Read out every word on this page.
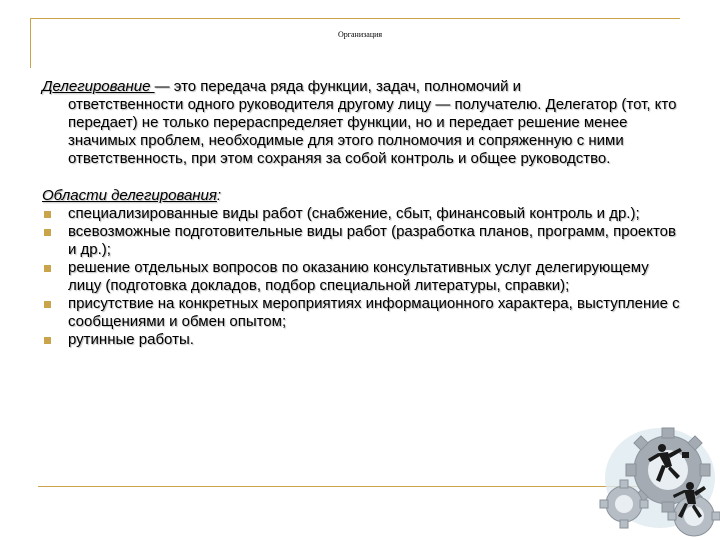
Организация

Делегирование — это передача ряда функции, задач, полномочий и
ответственности одного руководителя другому лицу — получателю. Делегатор (тот, кто передает) не только перераспределяет функции, но и передает решение менее значимых проблем, необходимые для этого полномочия и сопряженную с ними ответственность, при этом сохраняя за собой контроль и общее руководство.

Области делегирования:
специализированные виды работ (снабжение, сбыт, финансовый контроль и др.);
всевозможные подготовительные виды работ (разработка планов, программ, проектов и др.);
решение отдельных вопросов по оказанию консультативных услуг делегирующему лицу (подготовка докладов, подбор специальной литературы, справки);
присутствие на конкретных мероприятиях информационного характера, выступление с сообщениями и обмен опытом;
рутинные работы.
